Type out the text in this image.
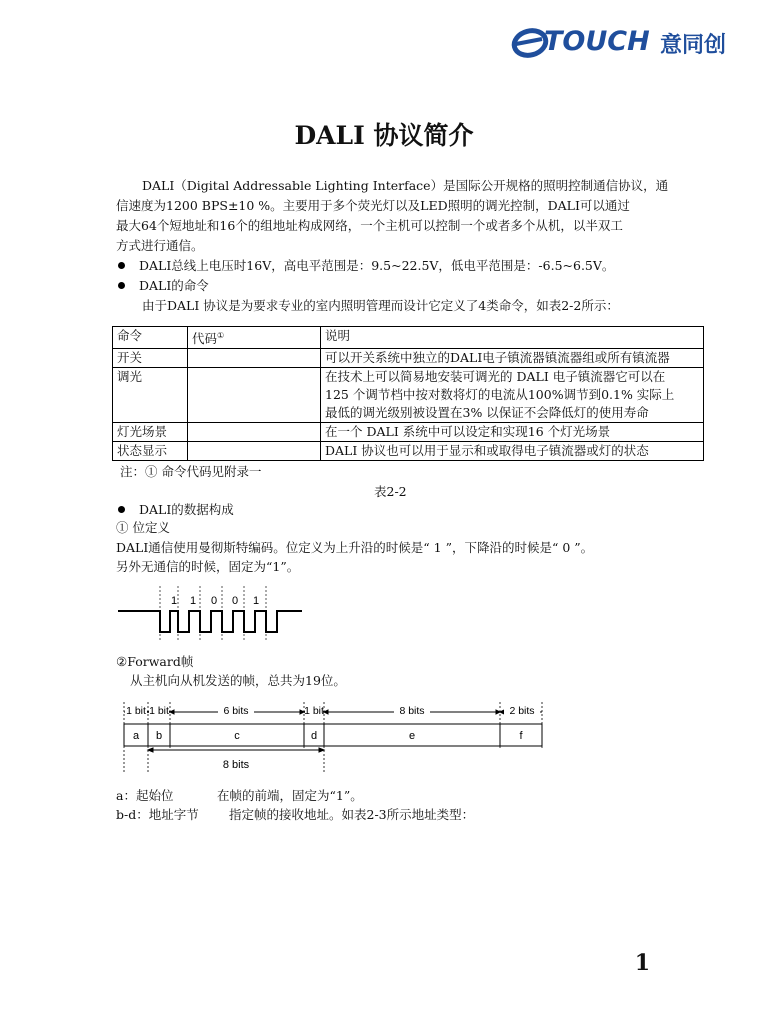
TOUCH 意同创
DALI 协议简介
DALI（Digital Addressable Lighting Interface）是国际公开规格的照明控制通信协议，通
信速度为1200 BPS±10 %。主要用于多个荧光灯以及LED照明的调光控制，DALI可以通过
最大64个短地址和16个的组地址构成网络，一个主机可以控制一个或者多个从机，以半双工
方式进行通信。
DALI总线上电压时16V，高电平范围是：9.5~22.5V，低电平范围是：-6.5~6.5V。
DALI的命令
由于DALI 协议是为要求专业的室内照明管理而设计它定义了4类命令，如表2-2所示：
命令	代码①	说明
开关		可以开关系统中独立的DALI电子镇流器镇流器组或所有镇流器

调光		在技术上可以简易地安装可调光的 DALI 电子镇流器它可以在
125 个调节档中按对数将灯的电流从100%调节到0.1% 实际上
最低的调光级别被设置在3% 以保证不会降低灯的使用寿命

灯光场景		在一个 DALI 系统中可以设定和实现16 个灯光场景

状态显示		DALI 协议也可以用于显示和或取得电子镇流器或灯的状态
注：① 命令代码见附录一
表2-2
DALI的数据构成
① 位定义
DALI通信使用曼彻斯特编码。位定义为上升沿的时候是“ 1 ”，下降沿的时候是“ 0 ”。
另外无通信的时候，固定为“1”。
1 1 0 0 1
②Forward帧
从主机向从机发送的帧，总共为19位。
1 bit 1 bit	6 bits	1 bit	8 bits	2 bits
a b	c	d	e	f
8 bits
a：起始位	在帧的前端，固定为“1”。
b-d：地址字节 指定帧的接收地址。如表2-3所示地址类型：
1
